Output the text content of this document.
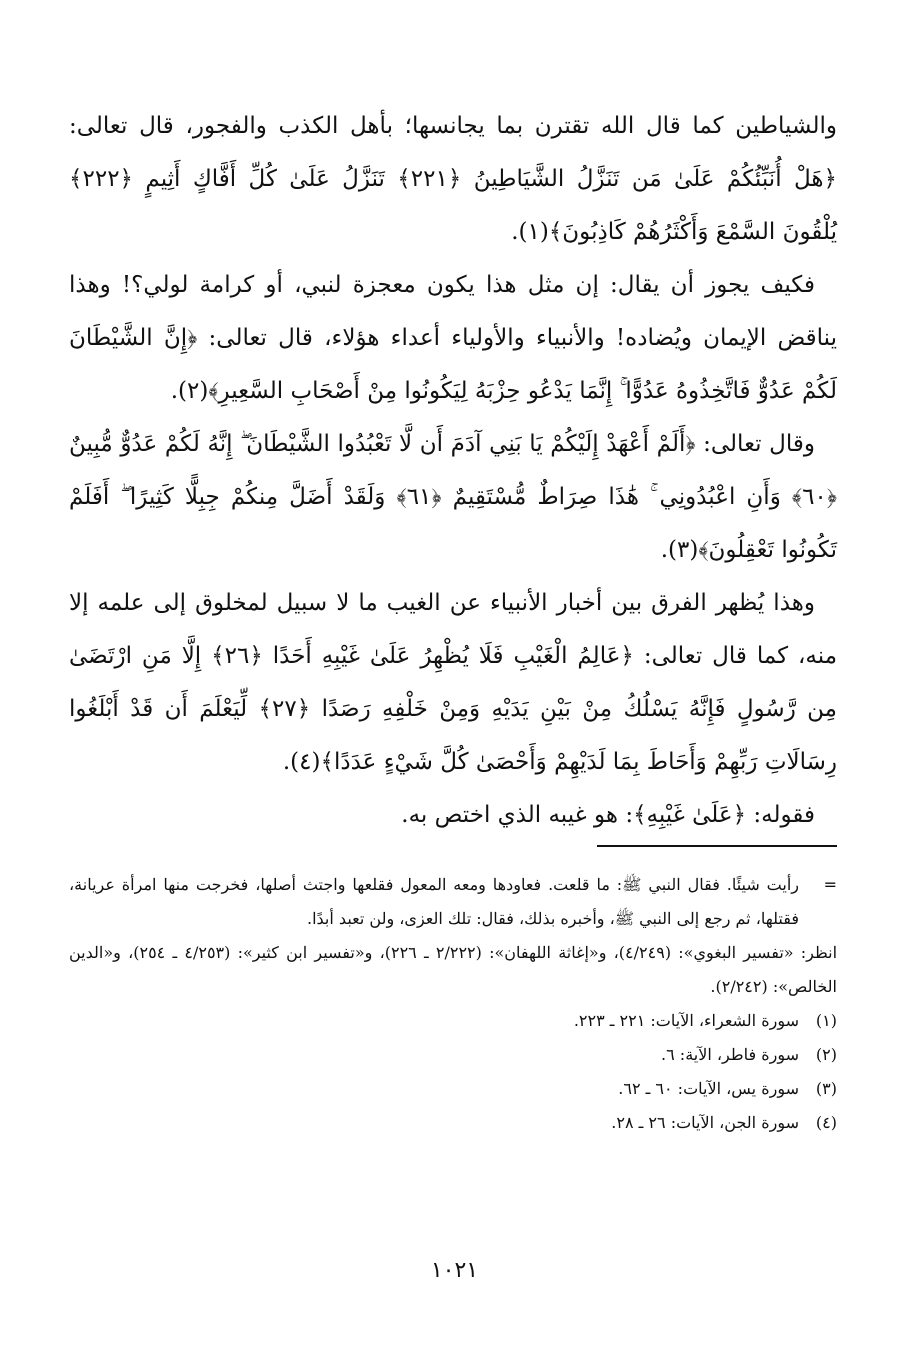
والشياطين كما قال الله تقترن بما يجانسها؛ بأهل الكذب والفجور، قال تعالى: ﴿هَلْ أُنَبِّئُكُمْ عَلَىٰ مَن تَنَزَّلُ الشَّيَاطِينُ ﴿٢٢١﴾ تَنَزَّلُ عَلَىٰ كُلِّ أَفَّاكٍ أَثِيمٍ ﴿٢٢٢﴾ يُلْقُونَ السَّمْعَ وَأَكْثَرُهُمْ كَاذِبُونَ﴾(١).

فكيف يجوز أن يقال: إن مثل هذا يكون معجزة لنبي، أو كرامة لولي؟! وهذا يناقض الإيمان ويُضاده! والأنبياء والأولياء أعداء هؤلاء، قال تعالى: ﴿إِنَّ الشَّيْطَانَ لَكُمْ عَدُوٌّ فَاتَّخِذُوهُ عَدُوًّا ۚ إِنَّمَا يَدْعُو حِزْبَهُ لِيَكُونُوا مِنْ أَصْحَابِ السَّعِيرِ﴾(٢).

وقال تعالى: ﴿أَلَمْ أَعْهَدْ إِلَيْكُمْ يَا بَنِي آدَمَ أَن لَّا تَعْبُدُوا الشَّيْطَانَ ۖ إِنَّهُ لَكُمْ عَدُوٌّ مُّبِينٌ ﴿٦٠﴾ وَأَنِ اعْبُدُونِي ۚ هَٰذَا صِرَاطٌ مُّسْتَقِيمٌ ﴿٦١﴾ وَلَقَدْ أَضَلَّ مِنكُمْ جِبِلًّا كَثِيرًا ۖ أَفَلَمْ تَكُونُوا تَعْقِلُونَ﴾(٣).

وهذا يُظهر الفرق بين أخبار الأنبياء عن الغيب ما لا سبيل لمخلوق إلى علمه إلا منه، كما قال تعالى: ﴿عَالِمُ الْغَيْبِ فَلَا يُظْهِرُ عَلَىٰ غَيْبِهِ أَحَدًا ﴿٢٦﴾ إِلَّا مَنِ ارْتَضَىٰ مِن رَّسُولٍ فَإِنَّهُ يَسْلُكُ مِنْ بَيْنِ يَدَيْهِ وَمِنْ خَلْفِهِ رَصَدًا ﴿٢٧﴾ لِّيَعْلَمَ أَن قَدْ أَبْلَغُوا رِسَالَاتِ رَبِّهِمْ وَأَحَاطَ بِمَا لَدَيْهِمْ وَأَحْصَىٰ كُلَّ شَيْءٍ عَدَدًا﴾(٤).

فقوله: ﴿عَلَىٰ غَيْبِهِ﴾: هو غيبه الذي اختص به.

=
رأيت شيئًا. فقال النبي ﷺ: ما قلعت. فعاودها ومعه المعول فقلعها واجتث أصلها، فخرجت منها امرأة عريانة، فقتلها، ثم رجع إلى النبي ﷺ، وأخبره بذلك، فقال: تلك العزى، ولن تعبد أبدًا.

انظر: «تفسير البغوي»: (٤/٢٤٩)، و«إغاثة اللهفان»: (٢/٢٢٢ ـ ٢٢٦)، و«تفسير ابن كثير»: (٤/٢٥٣ ـ ٢٥٤)، و«الدين الخالص»: (٢/٢٤٢).

(١)
سورة الشعراء، الآيات: ٢٢١ ـ ٢٢٣.
(٢)
سورة فاطر، الآية: ٦.
(٣)
سورة يس، الآيات: ٦٠ ـ ٦٢.
(٤)
سورة الجن، الآيات: ٢٦ ـ ٢٨.
١٠٢١
